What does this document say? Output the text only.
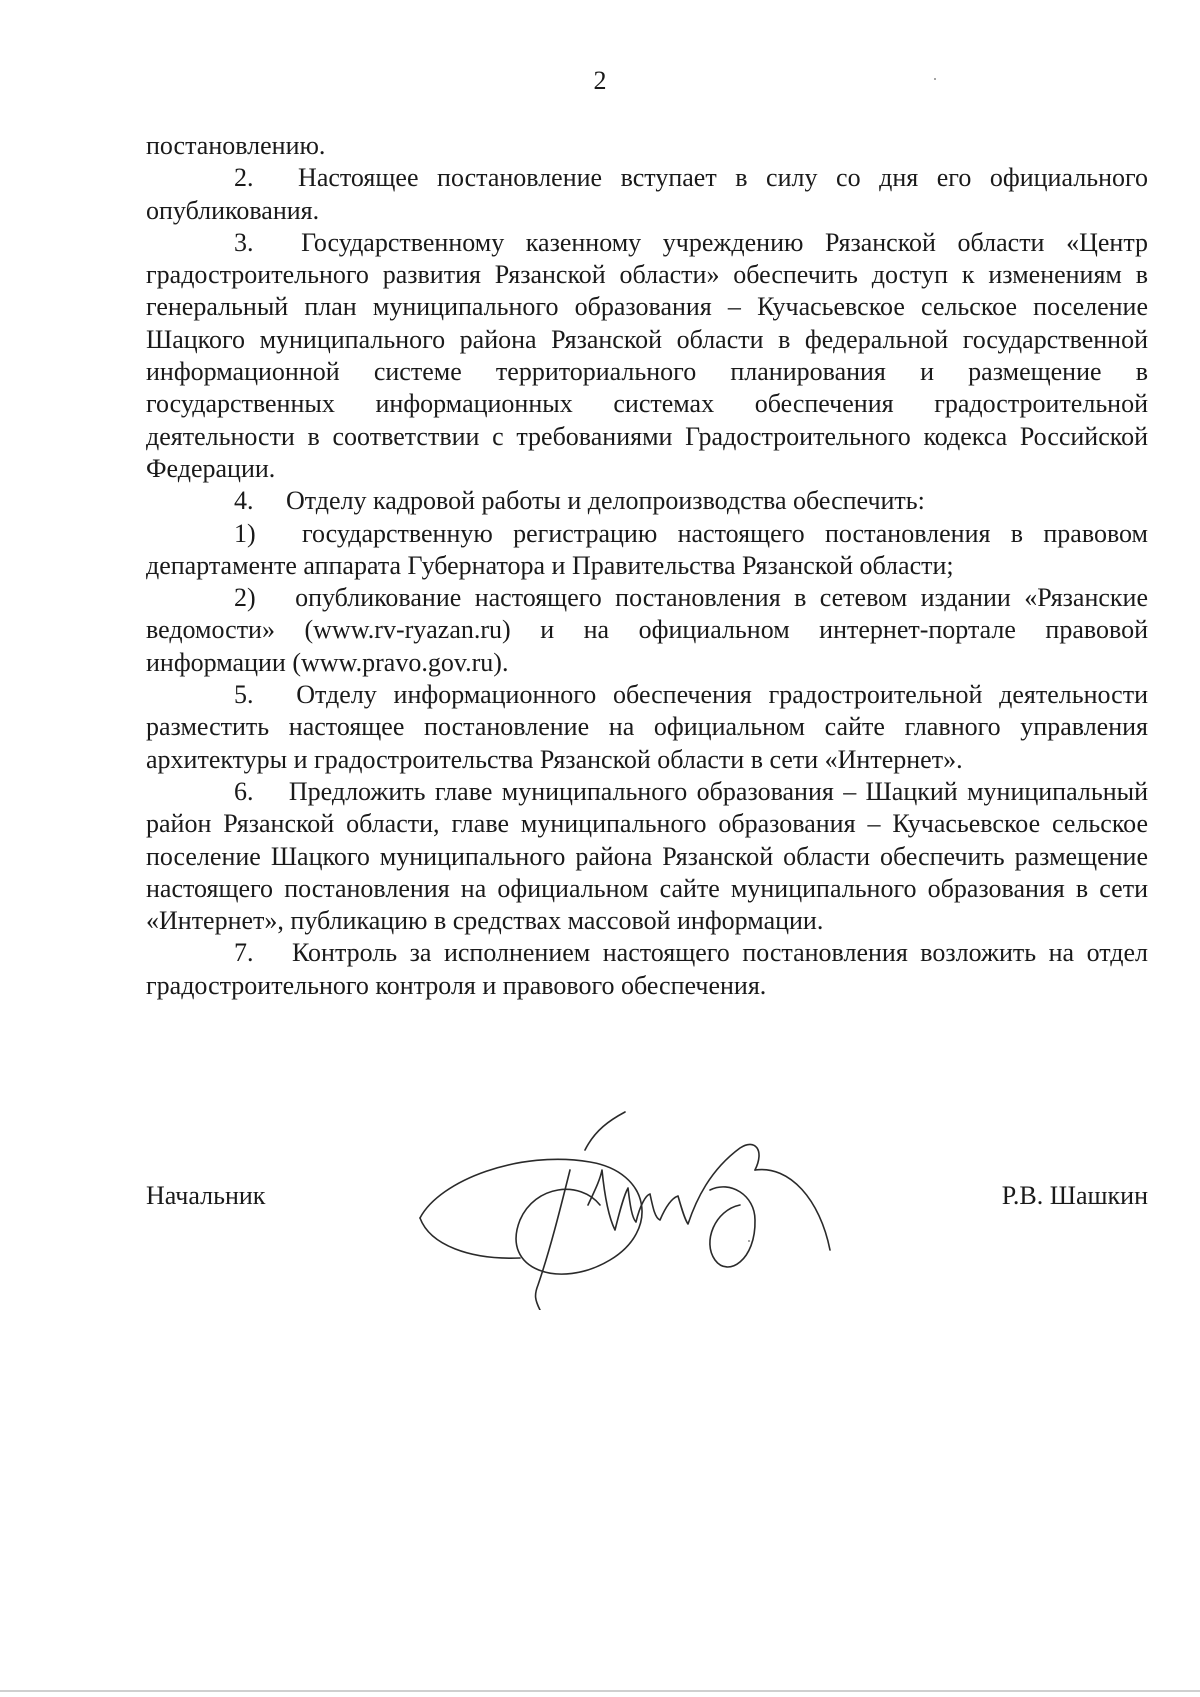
2

постановлению.

2.  Настоящее постановление вступает в силу со дня его официального опубликования.

3.  Государственному казенному учреждению Рязанской области «Центр градостроительного развития Рязанской области» обеспечить доступ к изменениям в генеральный план муниципального образования – Кучасьевское сельское поселение Шацкого муниципального района Рязанской области в федеральной государственной информационной системе территориального планирования и размещение в государственных информационных системах обеспечения градостроительной деятельности в соответствии с требованиями Градостроительного кодекса Российской Федерации.

4.  Отделу кадровой работы и делопроизводства обеспечить:

1)  государственную регистрацию настоящего постановления в правовом департаменте аппарата Губернатора и Правительства Рязанской области;

2)  опубликование настоящего постановления в сетевом издании «Рязанские ведомости» (www.rv-ryazan.ru) и на официальном интернет-портале правовой информации (www.pravo.gov.ru).

5.  Отделу информационного обеспечения градостроительной деятельности разместить настоящее постановление на официальном сайте главного управления архитектуры и градостроительства Рязанской области в сети «Интернет».

6.  Предложить главе муниципального образования – Шацкий муниципальный район Рязанской области, главе муниципального образования – Кучасьевское сельское поселение Шацкого муниципального района Рязанской области обеспечить размещение настоящего постановления на официальном сайте муниципального образования в сети «Интернет», публикацию в средствах массовой информации.

7.  Контроль за исполнением настоящего постановления возложить на отдел градостроительного контроля и правового обеспечения.

Начальник	Р.В. Шашкин
